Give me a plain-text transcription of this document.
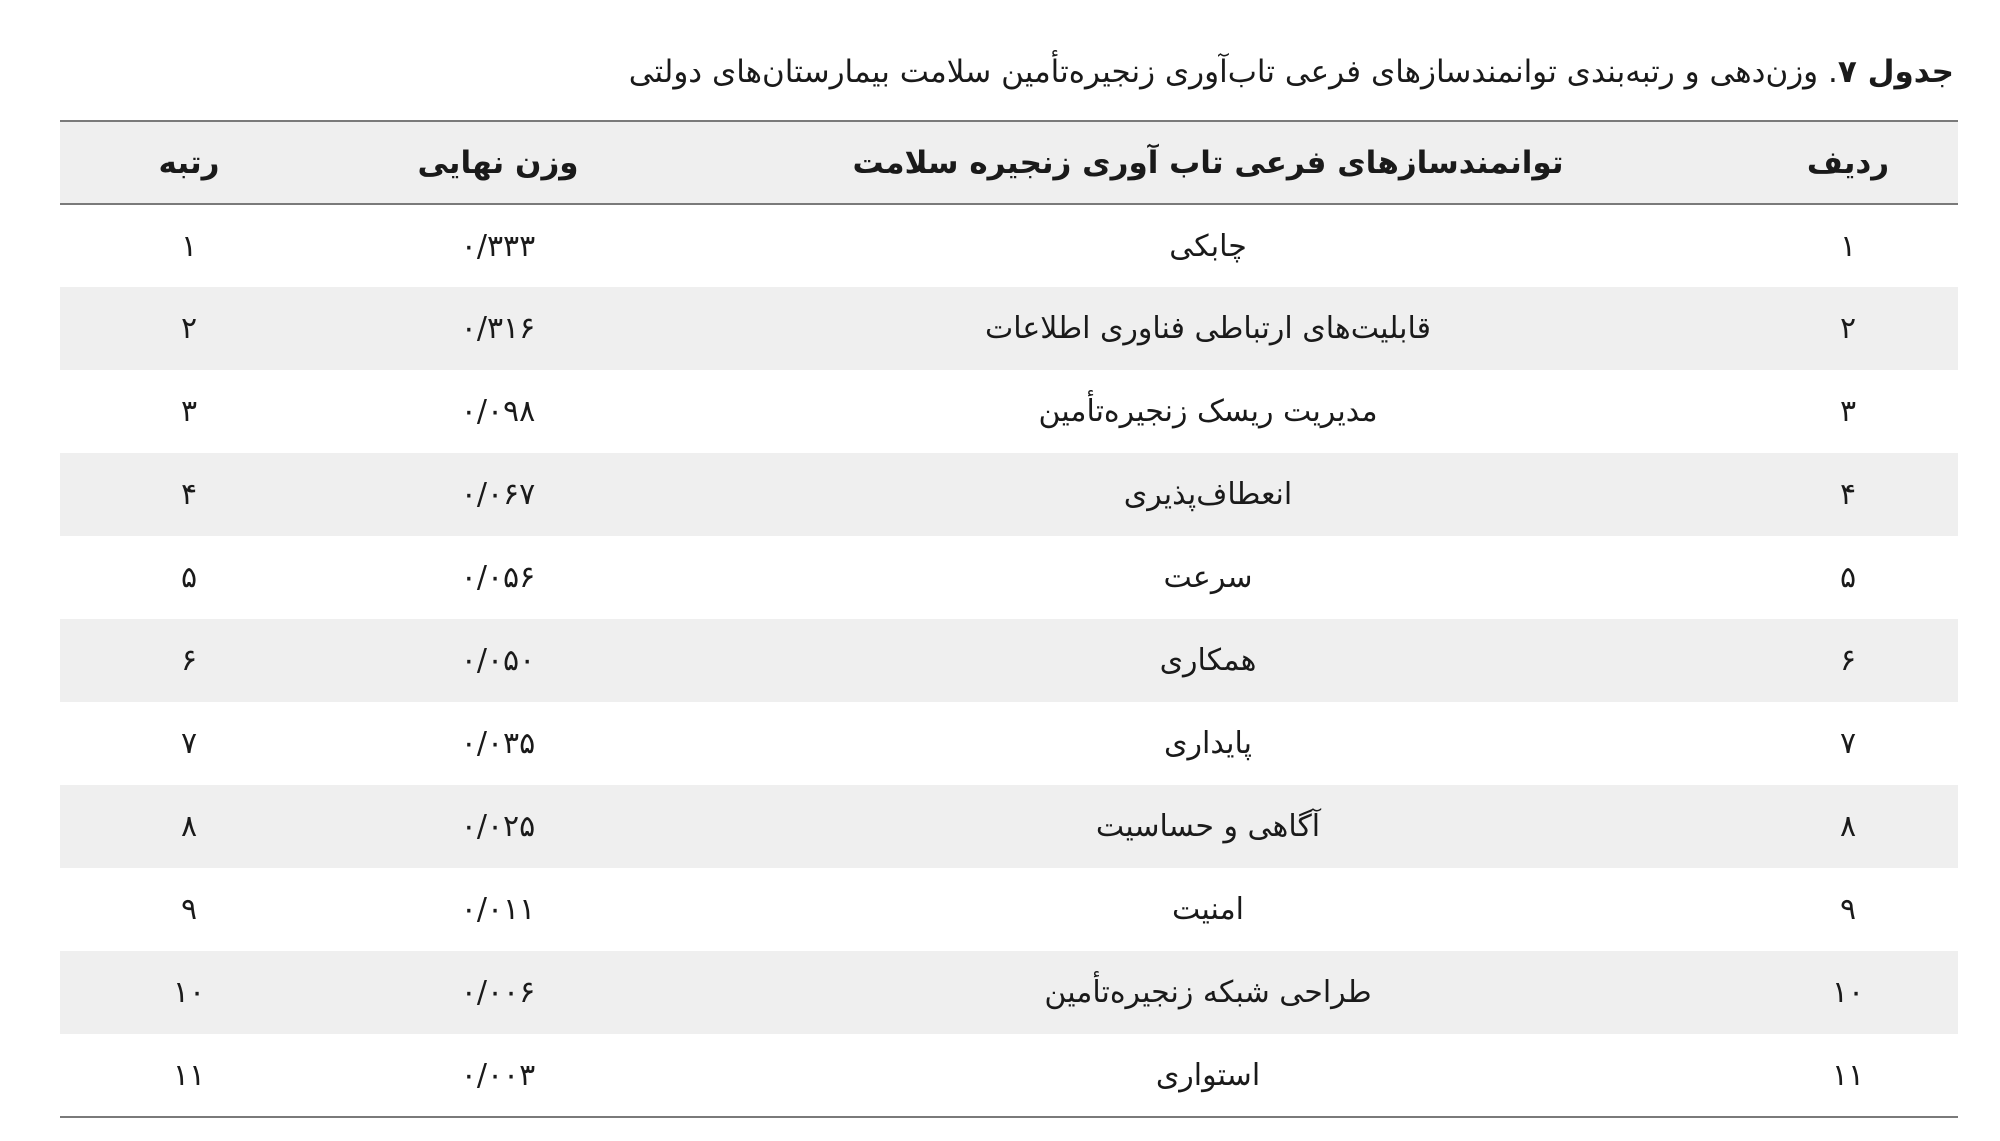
جدول ۷. وزن‌دهی و رتبه‌بندی توانمندسازهای فرعی تاب‌آوری زنجیره‌تأمین سلامت بیمارستان‌های دولتی
ردیف	توانمندسازهای فرعی تاب آوری زنجیره سلامت	وزن نهایی	رتبه
۱	چابکی	۰/۳۳۳	۱
۲	قابلیت‌های ارتباطی فناوری اطلاعات	۰/۳۱۶	۲
۳	مدیریت ریسک زنجیره‌تأمین	۰/۰۹۸	۳
۴	انعطاف‌پذیری	۰/۰۶۷	۴
۵	سرعت	۰/۰۵۶	۵
۶	همکاری	۰/۰۵۰	۶
۷	پایداری	۰/۰۳۵	۷
۸	آگاهی و حساسیت	۰/۰۲۵	۸
۹	امنیت	۰/۰۱۱	۹
۱۰	طراحی شبکه زنجیره‌تأمین	۰/۰۰۶	۱۰
۱۱	استواری	۰/۰۰۳	۱۱
